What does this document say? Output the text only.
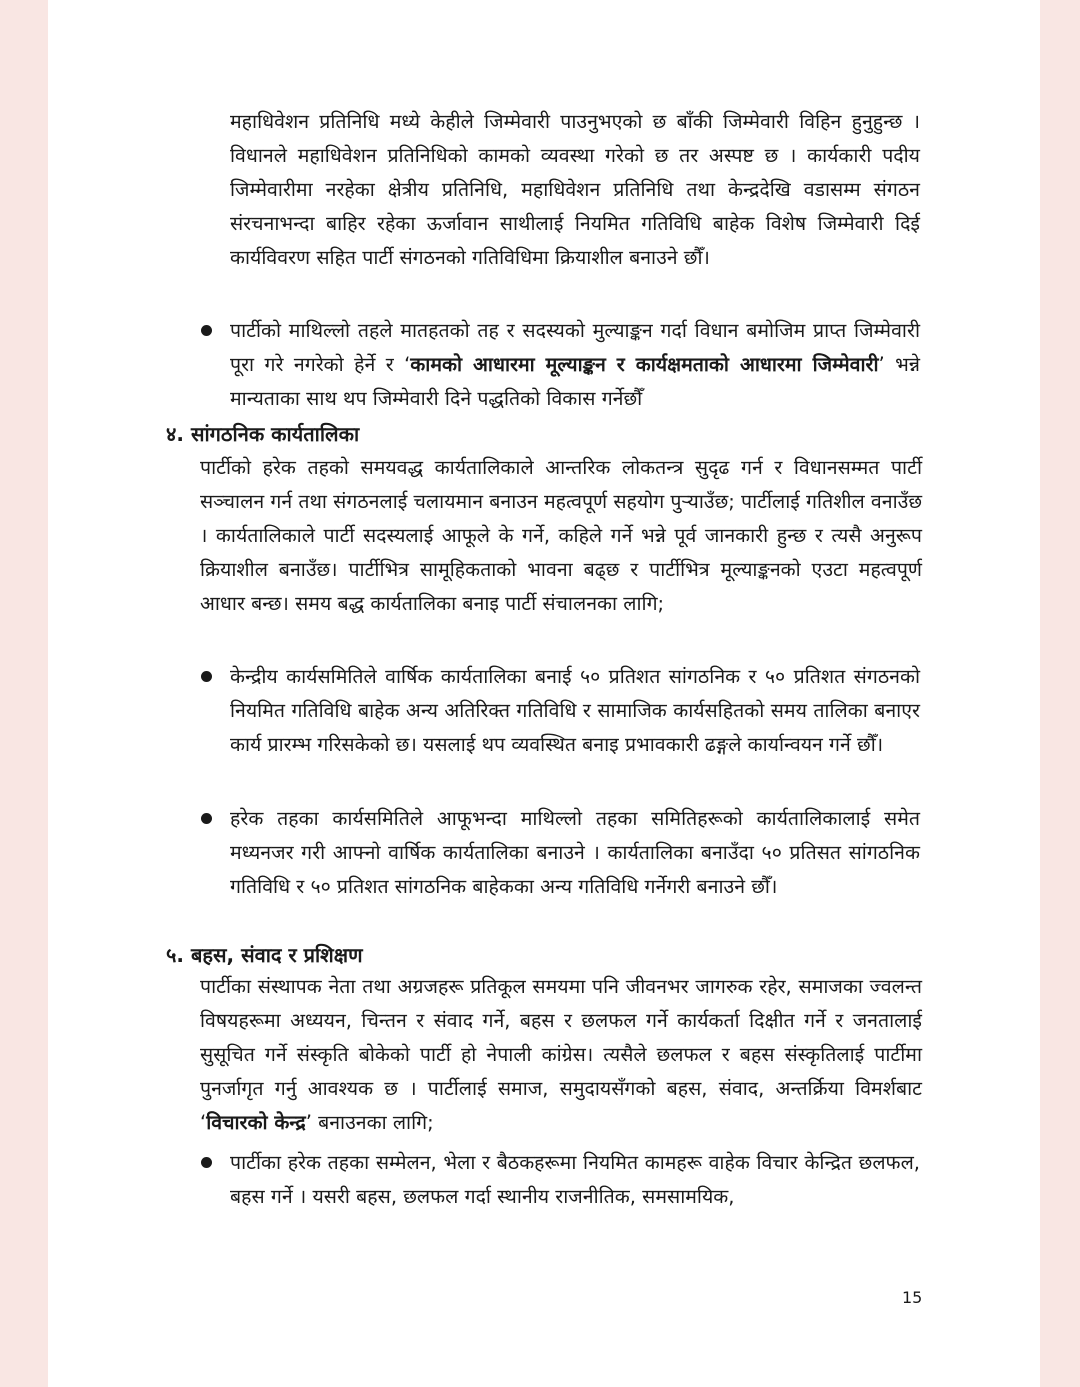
महाधिवेशन प्रतिनिधि मध्ये केहीले जिम्मेवारी पाउनुभएको छ बाँकी जिम्मेवारी विहिन हुनुहुन्छ । विधानले महाधिवेशन प्रतिनिधिको कामको व्यवस्था गरेको छ तर अस्पष्ट छ । कार्यकारी पदीय जिम्मेवारीमा नरहेका क्षेत्रीय प्रतिनिधि, महाधिवेशन प्रतिनिधि तथा केन्द्रदेखि वडासम्म संगठन संरचनाभन्दा बाहिर रहेका ऊर्जावान साथीलाई नियमित गतिविधि बाहेक विशेष जिम्मेवारी दिई कार्यविवरण सहित पार्टी संगठनको गतिविधिमा क्रियाशील बनाउने छौँ।

पार्टीको माथिल्लो तहले मातहतको तह र सदस्यको मुल्याङ्कन गर्दा विधान बमोजिम प्राप्त जिम्मेवारी पूरा गरे नगरेको हेर्ने र ‘कामको आधारमा मूल्याङ्कन र कार्यक्षमताको आधारमा जिम्मेवारी’ भन्ने मान्यताका साथ थप जिम्मेवारी दिने पद्धतिको विकास गर्नेछौँ

४. सांगठनिक कार्यतालिका

पार्टीको हरेक तहको समयवद्ध कार्यतालिकाले आन्तरिक लोकतन्त्र सुदृढ गर्न र विधानसम्मत पार्टी सञ्चालन गर्न तथा संगठनलाई चलायमान बनाउन महत्वपूर्ण सहयोग पुर्‍याउँछ; पार्टीलाई गतिशील वनाउँछ । कार्यतालिकाले पार्टी सदस्यलाई आफूले के गर्ने, कहिले गर्ने भन्ने पूर्व जानकारी हुन्छ र त्यसै अनुरूप क्रियाशील बनाउँछ। पार्टीभित्र सामूहिकताको भावना बढ्छ र पार्टीभित्र मूल्याङ्कनको एउटा महत्वपूर्ण आधार बन्छ। समय बद्ध कार्यतालिका बनाइ पार्टी संचालनका लागि;

केन्द्रीय कार्यसमितिले वार्षिक कार्यतालिका बनाई ५० प्रतिशत सांगठनिक र ५० प्रतिशत संगठनको नियमित गतिविधि बाहेक अन्य अतिरिक्त गतिविधि र सामाजिक कार्यसहितको समय तालिका बनाएर कार्य प्रारम्भ गरिसकेको छ। यसलाई थप व्यवस्थित बनाइ प्रभावकारी ढङ्गले कार्यान्वयन गर्ने छौँ।

हरेक तहका कार्यसमितिले आफूभन्दा माथिल्लो तहका समितिहरूको कार्यतालिकालाई समेत मध्यनजर गरी आफ्नो वार्षिक कार्यतालिका बनाउने । कार्यतालिका बनाउँदा ५० प्रतिसत सांगठनिक गतिविधि र ५० प्रतिशत सांगठनिक बाहेकका अन्य गतिविधि गर्नेगरी बनाउने छौँ।

५. बहस, संवाद र प्रशिक्षण

पार्टीका संस्थापक नेता तथा अग्रजहरू प्रतिकूल समयमा पनि जीवनभर जागरुक रहेर, समाजका ज्वलन्त विषयहरूमा अध्ययन, चिन्तन र संवाद गर्ने, बहस र छलफल गर्ने कार्यकर्ता दिक्षीत गर्ने र जनतालाई सुसूचित गर्ने संस्कृति बोकेको पार्टी हो नेपाली कांग्रेस। त्यसैले छलफल र बहस संस्कृतिलाई पार्टीमा पुनर्जागृत गर्नु आवश्यक छ । पार्टीलाई समाज, समुदायसँगको बहस, संवाद, अन्तर्क्रिया विमर्शबाट ‘विचारको केन्द्र’ बनाउनका लागि;

पार्टीका हरेक तहका सम्मेलन, भेला र बैठकहरूमा नियमित कामहरू वाहेक विचार केन्द्रित छलफल, बहस गर्ने । यसरी बहस, छलफल गर्दा स्थानीय राजनीतिक, समसामयिक,

15
